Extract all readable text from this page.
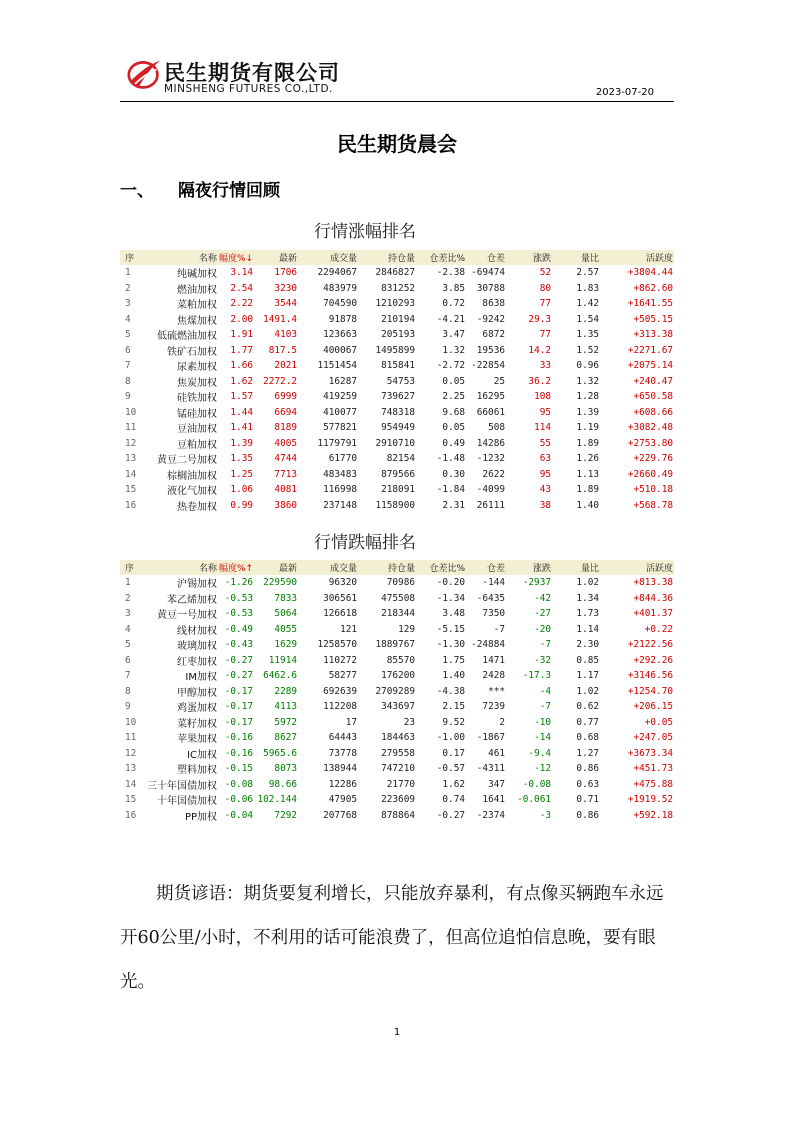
民生期货有限公司
MINSHENG FUTURES CO.,LTD.	2023-07-20
民生期货晨会
一、 隔夜行情回顾
行情涨幅排名
序	名称	幅度%↓	最新	成交量	持仓量	仓差比%	仓差	涨跌	量比	活跃度
1	纯碱加权	3.14	1706	2294067	2846827	-2.38	-69474	52	2.57	+3804.44
2	燃油加权	2.54	3230	483979	831252	3.85	30788	80	1.83	+862.60
3	菜粕加权	2.22	3544	704590	1210293	0.72	8638	77	1.42	+1641.55
4	焦煤加权	2.00	1491.4	91878	210194	-4.21	-9242	29.3	1.54	+505.15
5	低硫燃油加权	1.91	4103	123663	205193	3.47	6872	77	1.35	+313.38
6	铁矿石加权	1.77	817.5	400067	1495899	1.32	19536	14.2	1.52	+2271.67
7	尿素加权	1.66	2021	1151454	815841	-2.72	-22854	33	0.96	+2075.14
8	焦炭加权	1.62	2272.2	16287	54753	0.05	25	36.2	1.32	+240.47
9	硅铁加权	1.57	6999	419259	739627	2.25	16295	108	1.28	+650.58
10	锰硅加权	1.44	6694	410077	748318	9.68	66061	95	1.39	+608.66
11	豆油加权	1.41	8189	577821	954949	0.05	508	114	1.19	+3082.48
12	豆粕加权	1.39	4005	1179791	2910710	0.49	14286	55	1.89	+2753.80
13	黄豆二号加权	1.35	4744	61770	82154	-1.48	-1232	63	1.26	+229.76
14	棕榈油加权	1.25	7713	483483	879566	0.30	2622	95	1.13	+2660.49
15	液化气加权	1.06	4081	116998	218091	-1.84	-4099	43	1.89	+510.18
16	热卷加权	0.99	3860	237148	1158900	2.31	26111	38	1.40	+568.78
行情跌幅排名
序	名称	幅度%↑	最新	成交量	持仓量	仓差比%	仓差	涨跌	量比	活跃度
1	沪锡加权	-1.26	229590	96320	70986	-0.20	-144	-2937	1.02	+813.38
2	苯乙烯加权	-0.53	7833	306561	475508	-1.34	-6435	-42	1.34	+844.36
3	黄豆一号加权	-0.53	5064	126618	218344	3.48	7350	-27	1.73	+401.37
4	线材加权	-0.49	4055	121	129	-5.15	-7	-20	1.14	+0.22
5	玻璃加权	-0.43	1629	1258570	1889767	-1.30	-24884	-7	2.30	+2122.56
6	红枣加权	-0.27	11914	110272	85570	1.75	1471	-32	0.85	+292.26
7	IM加权	-0.27	6462.6	58277	176200	1.40	2428	-17.3	1.17	+3146.56
8	甲醇加权	-0.17	2289	692639	2709289	-4.38	***	-4	1.02	+1254.70
9	鸡蛋加权	-0.17	4113	112208	343697	2.15	7239	-7	0.62	+206.15
10	菜籽加权	-0.17	5972	17	23	9.52	2	-10	0.77	+0.05
11	苹果加权	-0.16	8627	64443	184463	-1.00	-1867	-14	0.68	+247.05
12	IC加权	-0.16	5965.6	73778	279558	0.17	461	-9.4	1.27	+3673.34
13	塑料加权	-0.15	8073	138944	747210	-0.57	-4311	-12	0.86	+451.73
14	三十年国债加权	-0.08	98.66	12286	21770	1.62	347	-0.08	0.63	+475.88
15	十年国债加权	-0.06	102.144	47905	223609	0.74	1641	-0.061	0.71	+1919.52
16	PP加权	-0.04	7292	207768	878864	-0.27	-2374	-3	0.86	+592.18

期货谚语：期货要复利增长，只能放弃暴利，有点像买辆跑车永远开60公里/小时，不利用的话可能浪费了，但高位追怕信息晚，要有眼光。

1
